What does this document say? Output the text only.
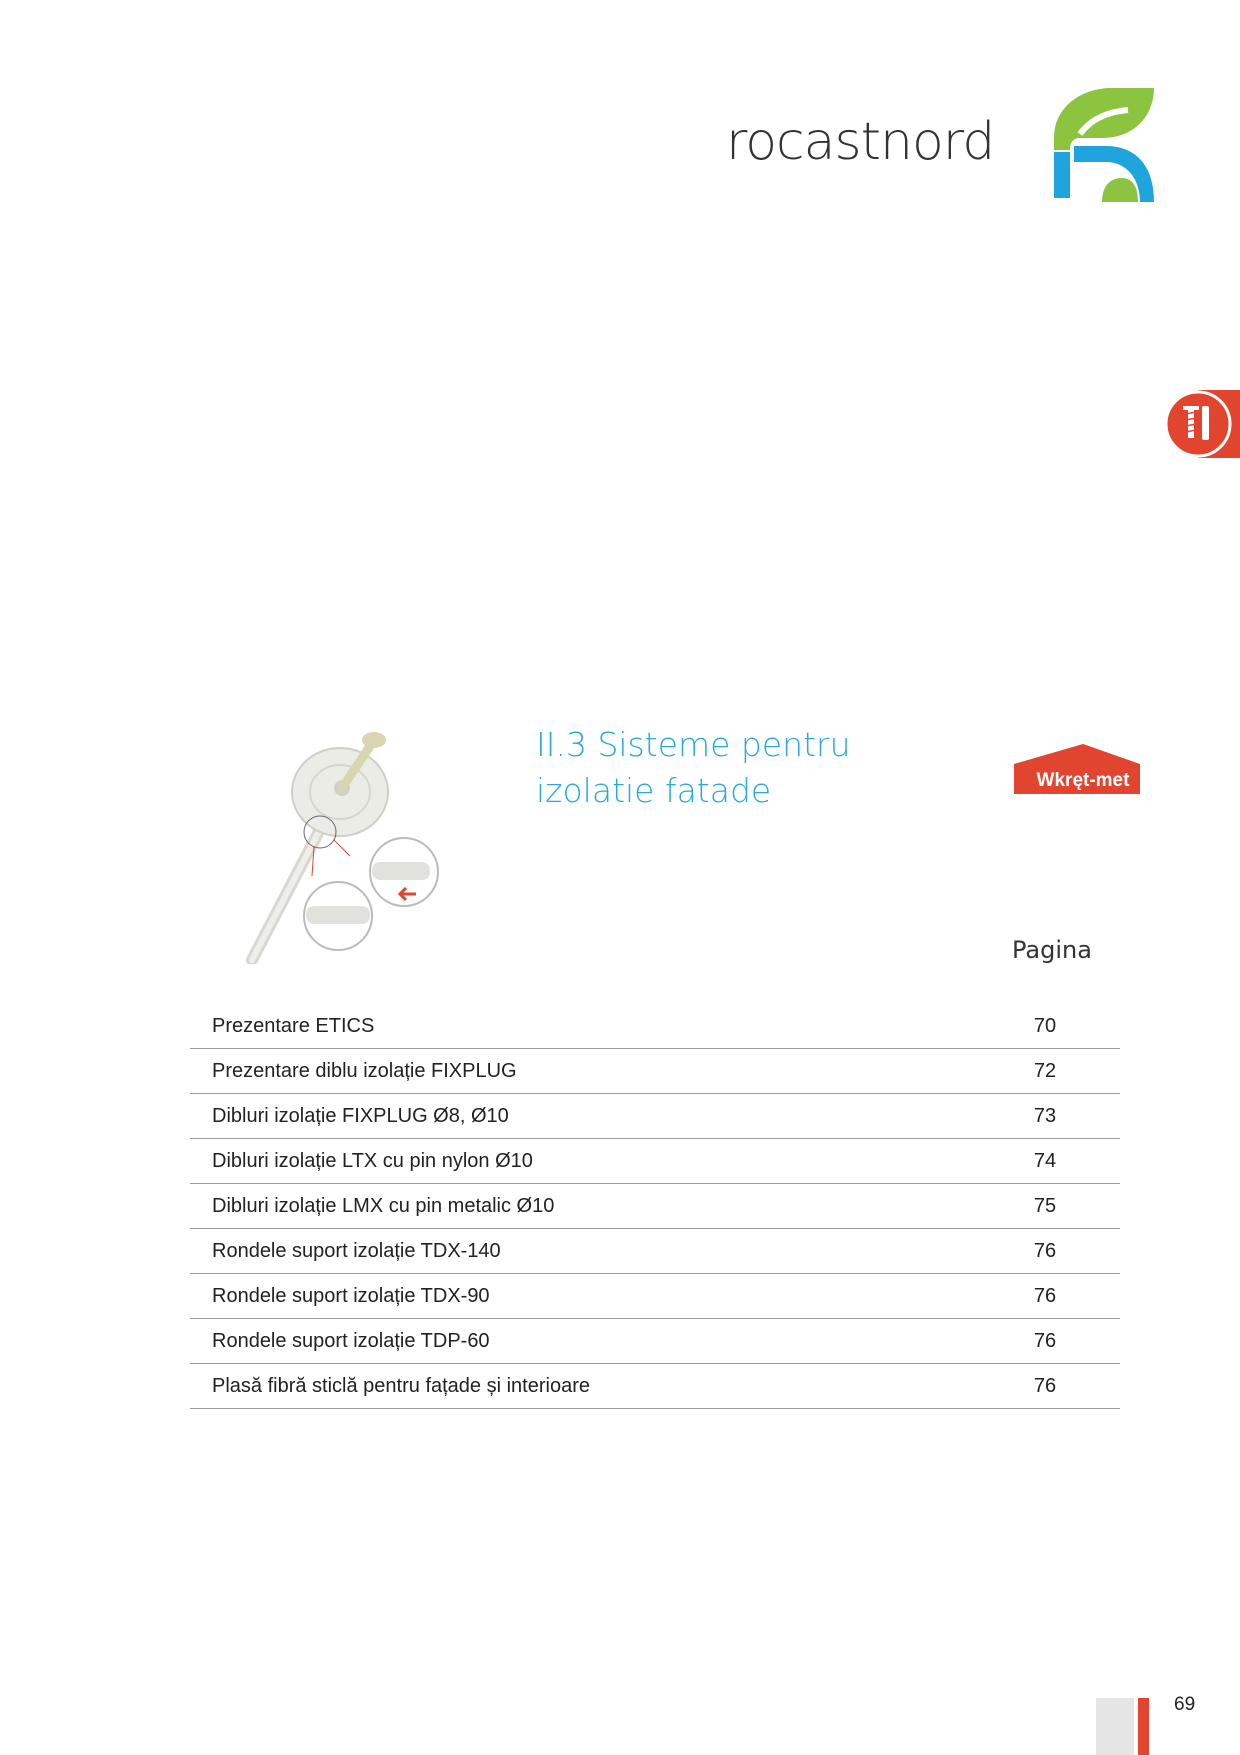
rocastnord
II.3 Sisteme pentru
izolatie fatade	Wkręt-met
Pagina
Prezentare ETICS	70
Prezentare diblu izolație FIXPLUG	72
Dibluri izolație FIXPLUG Ø8, Ø10	73
Dibluri izolație LTX cu pin nylon Ø10	74
Dibluri izolație LMX cu pin metalic Ø10	75
Rondele suport izolație TDX-140	76
Rondele suport izolație TDX-90	76
Rondele suport izolație TDP-60	76
Plasă fibră sticlă pentru fațade și interioare	76
69
